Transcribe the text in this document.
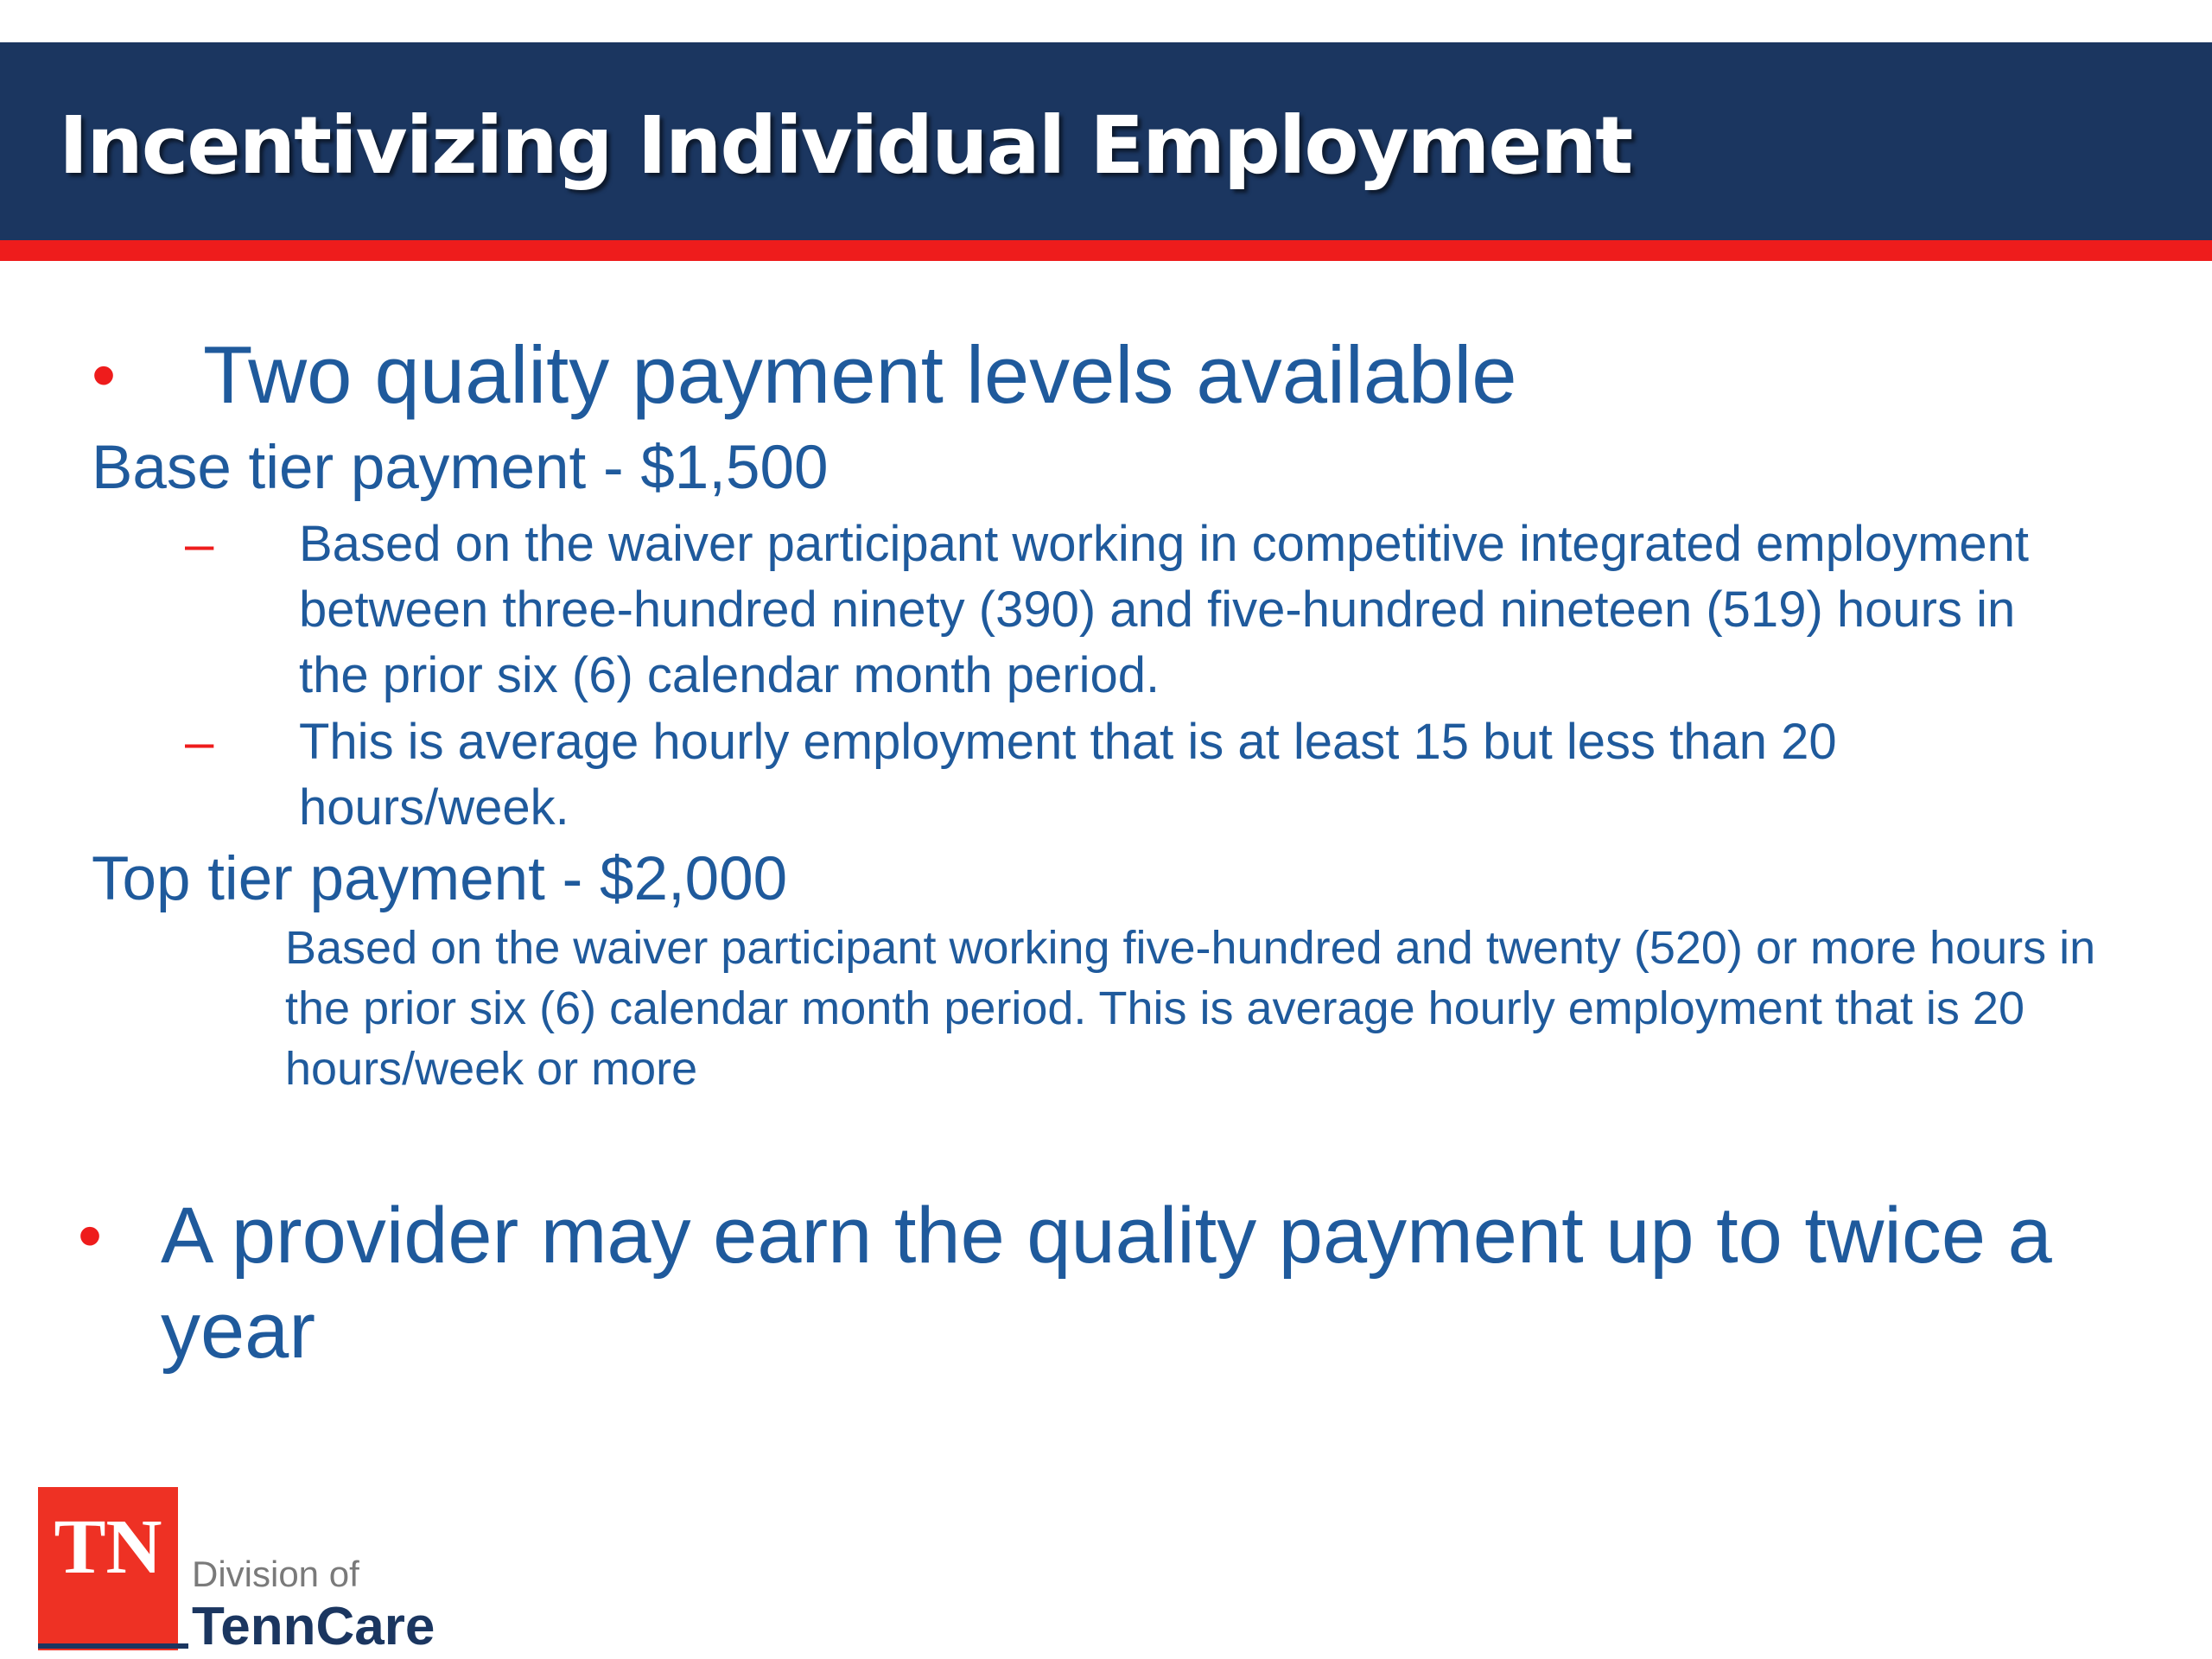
Incentivizing Individual Employment
• Two quality payment levels available

Base tier payment - $1,500

– Based on the waiver participant working in competitive integrated employment between three-hundred ninety (390) and five-hundred nineteen (519) hours in the prior six (6) calendar month period.

– This is average hourly employment that is at least 15 but less than 20 hours/week.

Top tier payment - $2,000

Based on the waiver participant working five-hundred and twenty (520) or more hours in the prior six (6) calendar month period. This is average hourly employment that is 20 hours/week or more

• A provider may earn the quality payment up to twice a year

TN Division of
TennCare
